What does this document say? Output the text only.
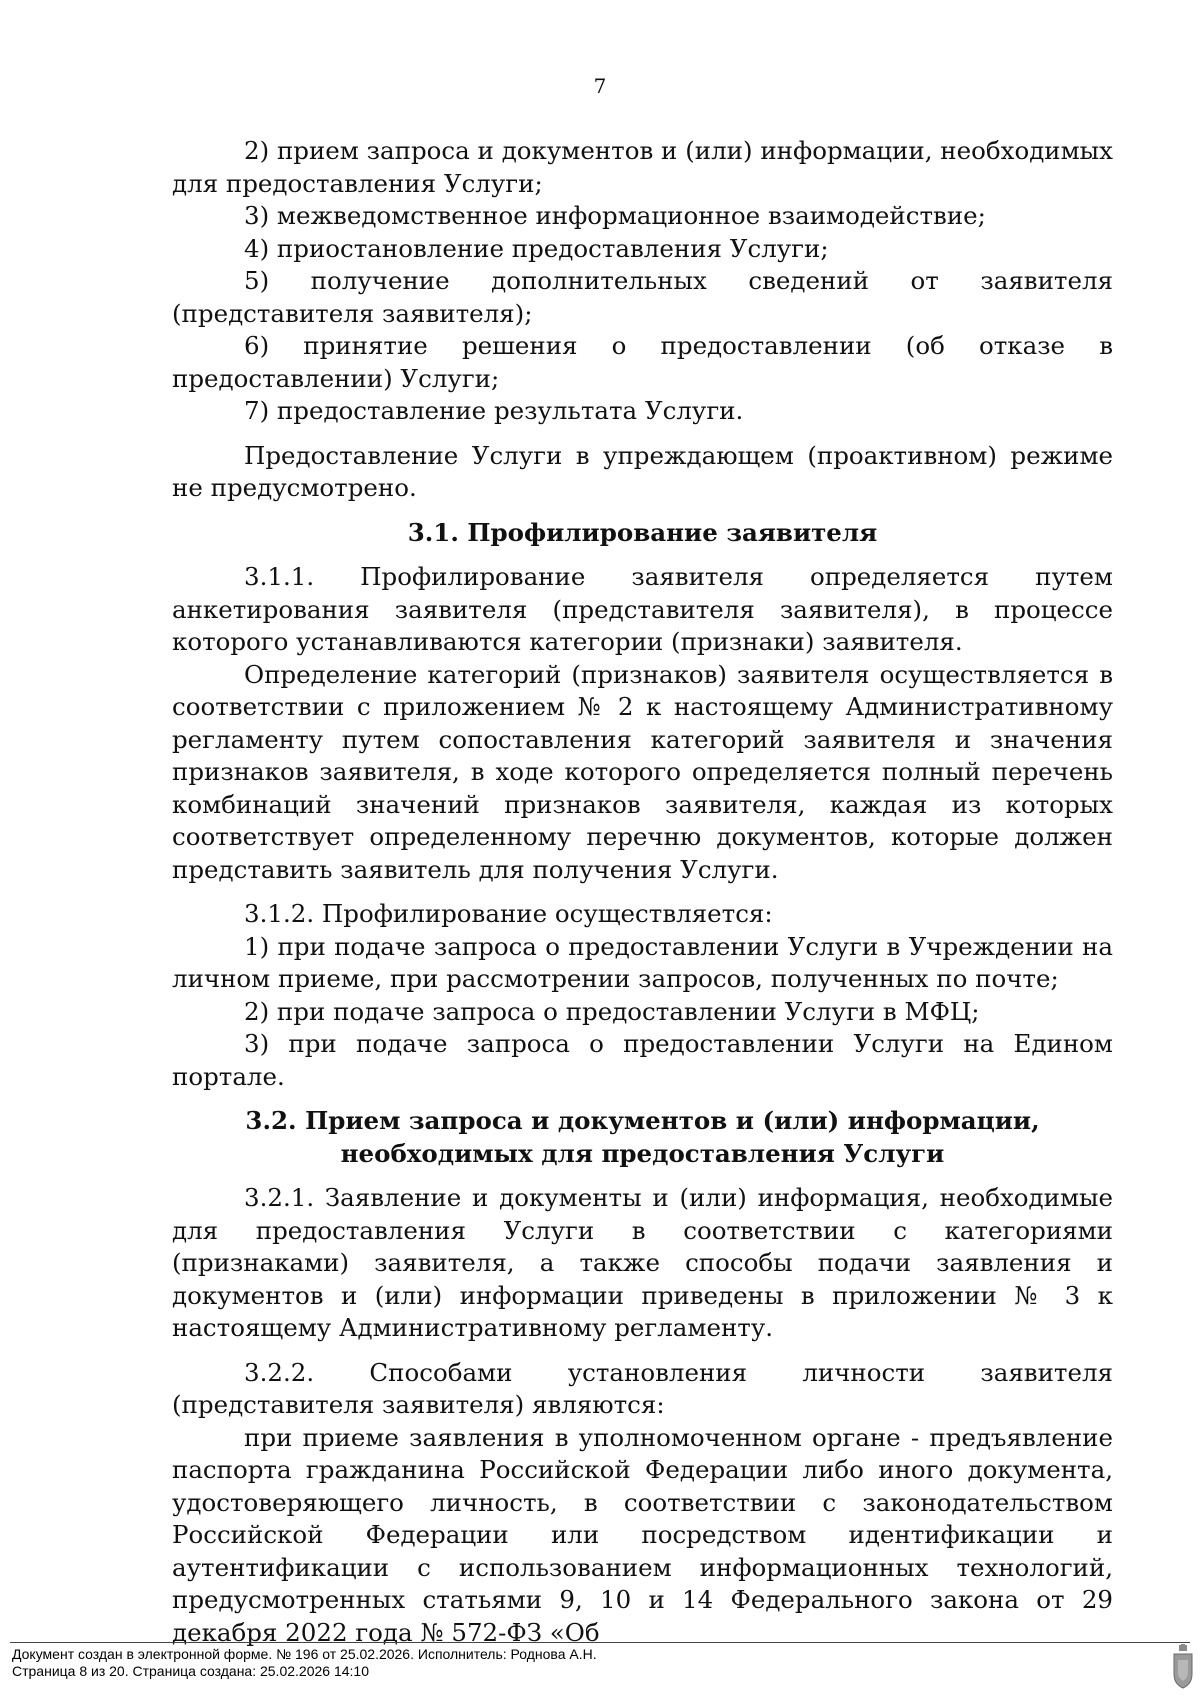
7

2) прием запроса и документов и (или) информации, необходимых для предоставления Услуги;

3) межведомственное информационное взаимодействие;

4) приостановление предоставления Услуги;

5) получение дополнительных сведений от заявителя (представителя заявителя);

6) принятие решения о предоставлении (об отказе в предоставлении) Услуги;

7) предоставление результата Услуги.

Предоставление Услуги в упреждающем (проактивном) режиме не предусмотрено.

3.1. Профилирование заявителя

3.1.1. Профилирование заявителя определяется путем анкетирования заявителя (представителя заявителя), в процессе которого устанавливаются категории (признаки) заявителя.

Определение категорий (признаков) заявителя осуществляется в соответствии с приложением № 2 к настоящему Административному регламенту путем сопоставления категорий заявителя и значения признаков заявителя, в ходе которого определяется полный перечень комбинаций значений признаков заявителя, каждая из которых соответствует определенному перечню документов, которые должен представить заявитель для получения Услуги.

3.1.2. Профилирование осуществляется:

1) при подаче запроса о предоставлении Услуги в Учреждении на личном приеме, при рассмотрении запросов, полученных по почте;

2) при подаче запроса о предоставлении Услуги в МФЦ;

3) при подаче запроса о предоставлении Услуги на Едином портале.

3.2. Прием запроса и документов и (или) информации, необходимых для предоставления Услуги

3.2.1. Заявление и документы и (или) информация, необходимые для предоставления Услуги в соответствии с категориями (признаками) заявителя, а также способы подачи заявления и документов и (или) информации приведены в приложении № 3 к настоящему Административному регламенту.

3.2.2. Способами установления личности заявителя (представителя заявителя) являются:

при приеме заявления в уполномоченном органе - предъявление паспорта гражданина Российской Федерации либо иного документа, удостоверяющего личность, в соответствии с законодательством Российской Федерации или посредством идентификации и аутентификации с использованием информационных технологий, предусмотренных статьями 9, 10 и 14 Федерального закона от 29 декабря 2022 года № 572-ФЗ «Об

Документ создан в электронной форме. № 196 от 25.02.2026. Исполнитель: Роднова А.Н.
Страница 8 из 20. Страница создана: 25.02.2026 14:10
